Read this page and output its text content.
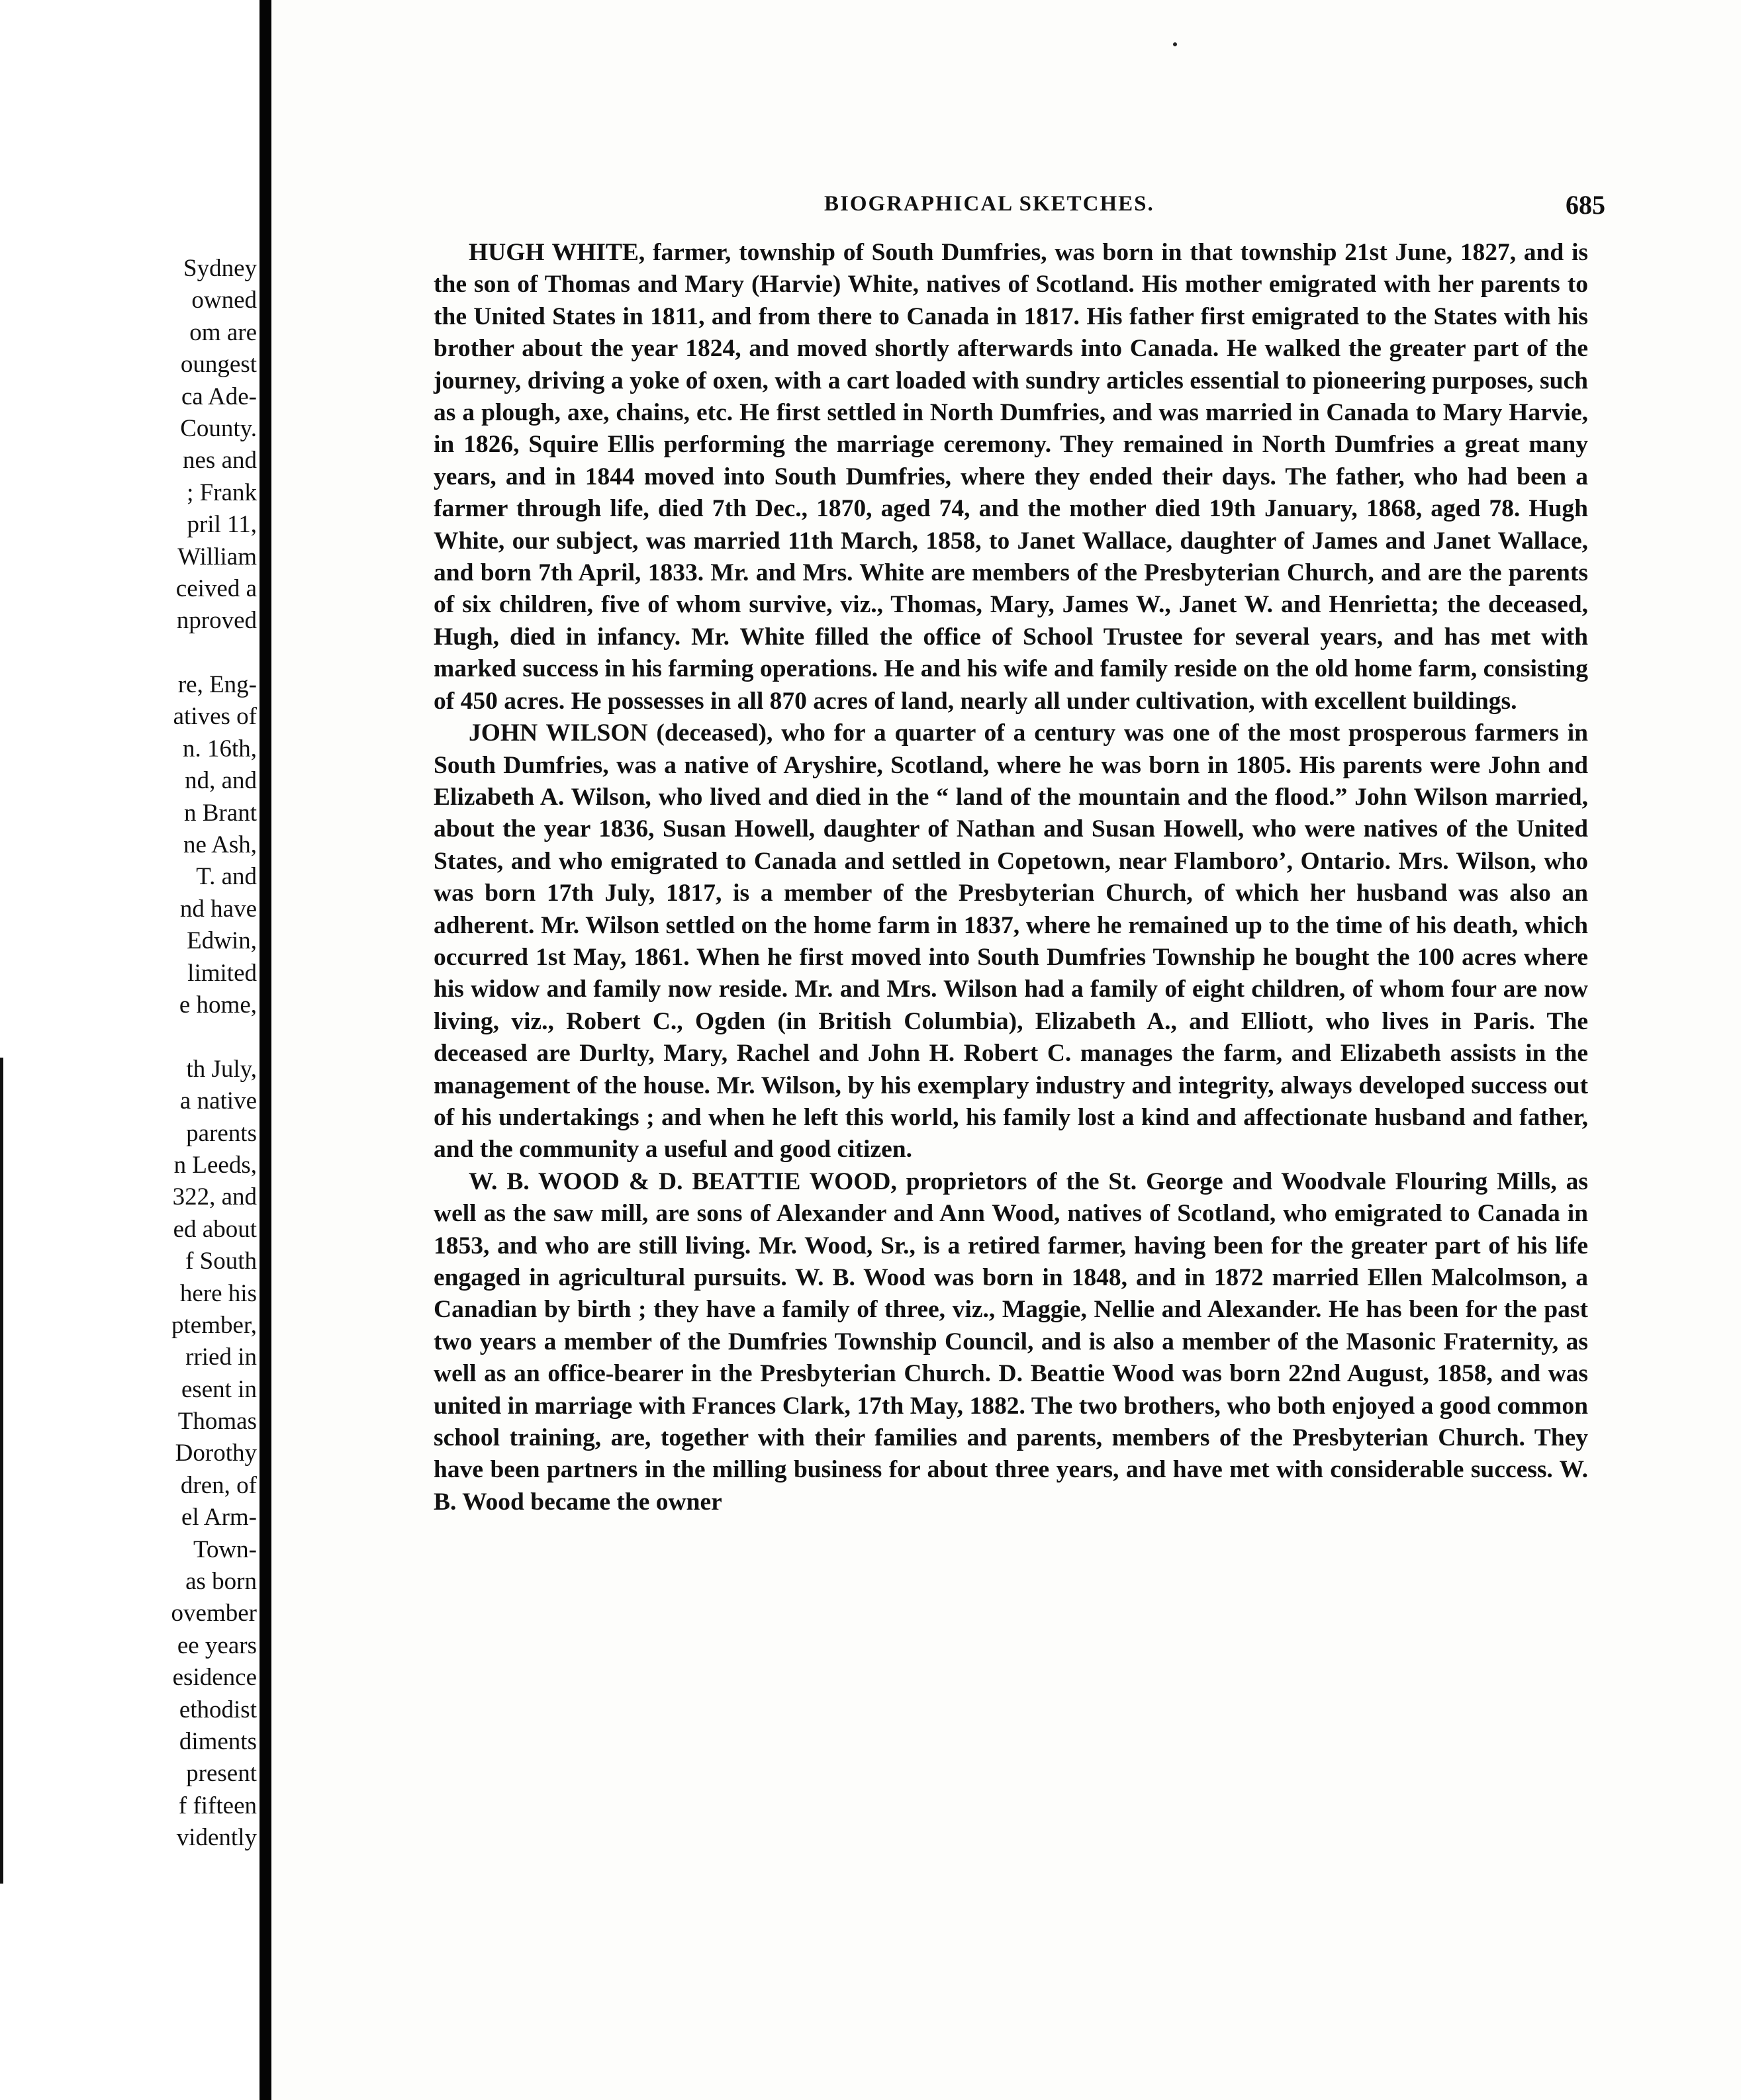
Sydney
owned
om are
oungest
ca Ade-
County.
nes and
; Frank
pril 11,
William
ceived a
nproved
re, Eng-
atives of
n. 16th,
nd, and
n Brant
ne Ash,
T. and
nd have
Edwin,
limited
e home,
th July,
a native
parents
n Leeds,
322, and
ed about
f South
here his
ptember,
rried in
esent in
Thomas
Dorothy
dren, of
el Arm-
Town-
as born
ovember
ee years
esidence
ethodist
diments
present
f fifteen
vidently
BIOGRAPHICAL SKETCHES.	685

HUGH WHITE, farmer, township of South Dumfries, was born in that township 21st June, 1827, and is the son of Thomas and Mary (Harvie) White, natives of Scotland. His mother emigrated with her parents to the United States in 1811, and from there to Canada in 1817. His father first emigrated to the States with his brother about the year 1824, and moved shortly afterwards into Canada. He walked the greater part of the journey, driving a yoke of oxen, with a cart loaded with sundry articles essential to pioneering purposes, such as a plough, axe, chains, etc. He first settled in North Dumfries, and was married in Canada to Mary Harvie, in 1826, Squire Ellis performing the marriage ceremony. They remained in North Dumfries a great many years, and in 1844 moved into South Dumfries, where they ended their days. The father, who had been a farmer through life, died 7th Dec., 1870, aged 74, and the mother died 19th January, 1868, aged 78. Hugh White, our subject, was married 11th March, 1858, to Janet Wallace, daughter of James and Janet Wallace, and born 7th April, 1833. Mr. and Mrs. White are members of the Presbyterian Church, and are the parents of six children, five of whom survive, viz., Thomas, Mary, James W., Janet W. and Henrietta; the deceased, Hugh, died in infancy. Mr. White filled the office of School Trustee for several years, and has met with marked success in his farming operations. He and his wife and family reside on the old home farm, consisting of 450 acres. He possesses in all 870 acres of land, nearly all under cultivation, with excellent buildings.

JOHN WILSON (deceased), who for a quarter of a century was one of the most prosperous farmers in South Dumfries, was a native of Aryshire, Scotland, where he was born in 1805. His parents were John and Elizabeth A. Wilson, who lived and died in the “ land of the mountain and the flood.” John Wilson married, about the year 1836, Susan Howell, daughter of Nathan and Susan Howell, who were natives of the United States, and who emigrated to Canada and settled in Copetown, near Flamboro’, Ontario. Mrs. Wilson, who was born 17th July, 1817, is a member of the Presbyterian Church, of which her husband was also an adherent. Mr. Wilson settled on the home farm in 1837, where he remained up to the time of his death, which occurred 1st May, 1861. When he first moved into South Dumfries Township he bought the 100 acres where his widow and family now reside. Mr. and Mrs. Wilson had a family of eight children, of whom four are now living, viz., Robert C., Ogden (in British Columbia), Elizabeth A., and Elliott, who lives in Paris. The deceased are Durlty, Mary, Rachel and John H. Robert C. manages the farm, and Elizabeth assists in the management of the house. Mr. Wilson, by his exemplary industry and integrity, always developed success out of his undertakings ; and when he left this world, his family lost a kind and affectionate husband and father, and the community a useful and good citizen.

W. B. WOOD & D. BEATTIE WOOD, proprietors of the St. George and Woodvale Flouring Mills, as well as the saw mill, are sons of Alexander and Ann Wood, natives of Scotland, who emigrated to Canada in 1853, and who are still living. Mr. Wood, Sr., is a retired farmer, having been for the greater part of his life engaged in agricultural pursuits. W. B. Wood was born in 1848, and in 1872 married Ellen Malcolmson, a Canadian by birth ; they have a family of three, viz., Maggie, Nellie and Alexander. He has been for the past two years a member of the Dumfries Township Council, and is also a member of the Masonic Fraternity, as well as an office-bearer in the Presbyterian Church. D. Beattie Wood was born 22nd August, 1858, and was united in marriage with Frances Clark, 17th May, 1882. The two brothers, who both enjoyed a good common school training, are, together with their families and parents, members of the Presbyterian Church. They have been partners in the milling business for about three years, and have met with considerable success. W. B. Wood became the owner
